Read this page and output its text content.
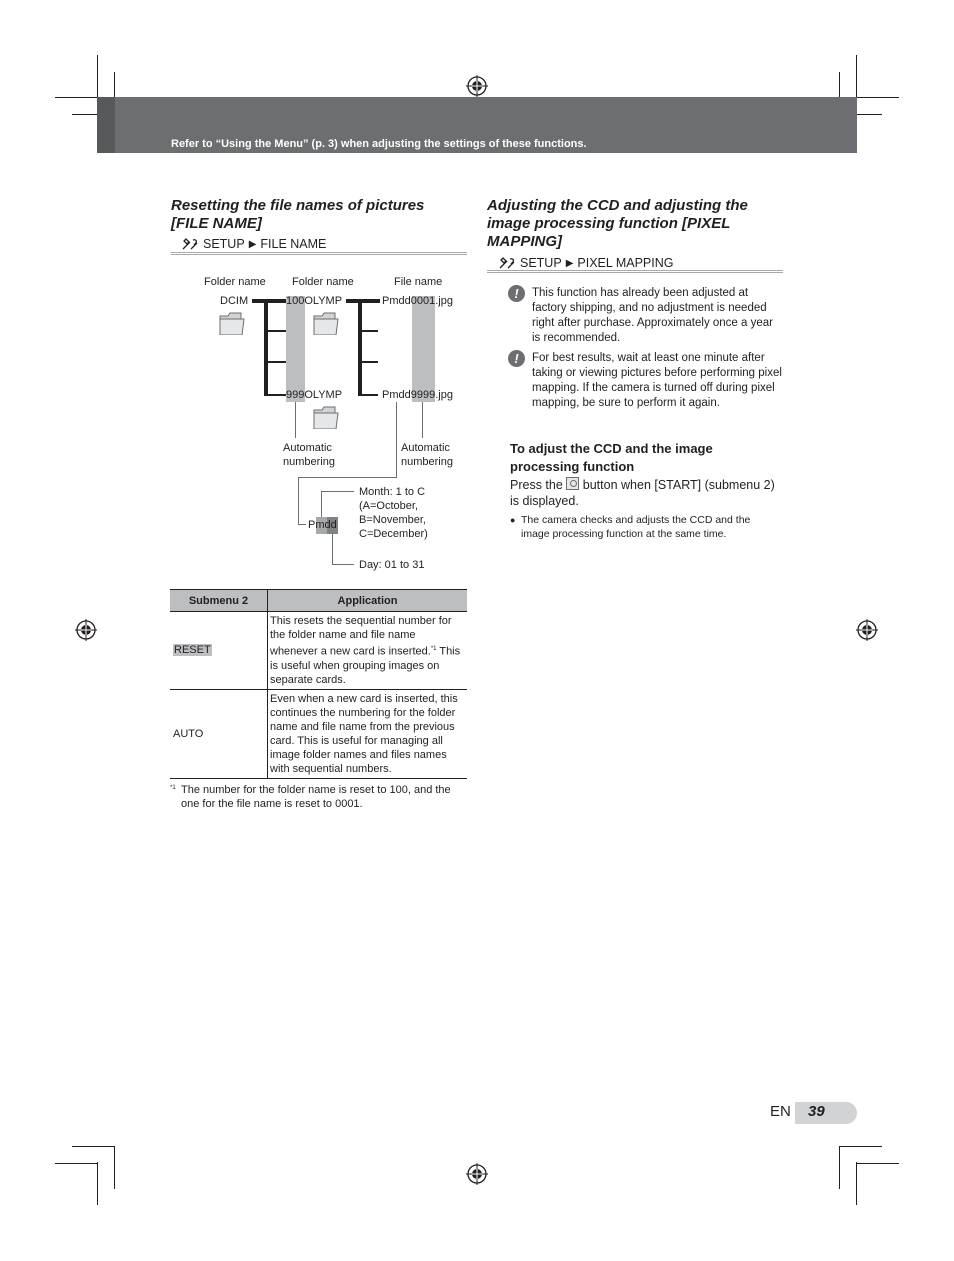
Refer to “Using the Menu” (p. 3) when adjusting the settings of these functions.
Resetting the file names of pictures [FILE NAME]
SETUP ▶ FILE NAME
Folder name Folder name	File name
DCIM	100OLYMP
999OLYMP
Pmdd0001.jpg
Pmdd9999.jpg
Automatic numbering
Automatic numbering
Pmdd
Month: 1 to C (A=October, B=November, C=December)
Day: 01 to 31
Submenu 2	Application
RESET	This resets the sequential number for the folder name and file name whenever a new card is inserted.$^{*1}$ This is useful when grouping images on separate cards.
AUTO	Even when a new card is inserted, this continues the numbering for the folder name and file name from the previous card. This is useful for managing all image folder names and files names with sequential numbers.
*1 The number for the folder name is reset to 100, and the one for the file name is reset to 0001.
Adjusting the CCD and adjusting the image processing function [PIXEL MAPPING]
SETUP ▶ PIXEL MAPPING
!	This function has already been adjusted at factory shipping, and no adjustment is needed right after purchase. Approximately once a year is recommended.
!	For best results, wait at least one minute after taking or viewing pictures before performing pixel mapping. If the camera is turned off during pixel mapping, be sure to perform it again.
To adjust the CCD and the image processing function
Press the button when [START] (submenu 2) is displayed.
● The camera checks and adjusts the CCD and the image processing function at the same time.
EN 39
